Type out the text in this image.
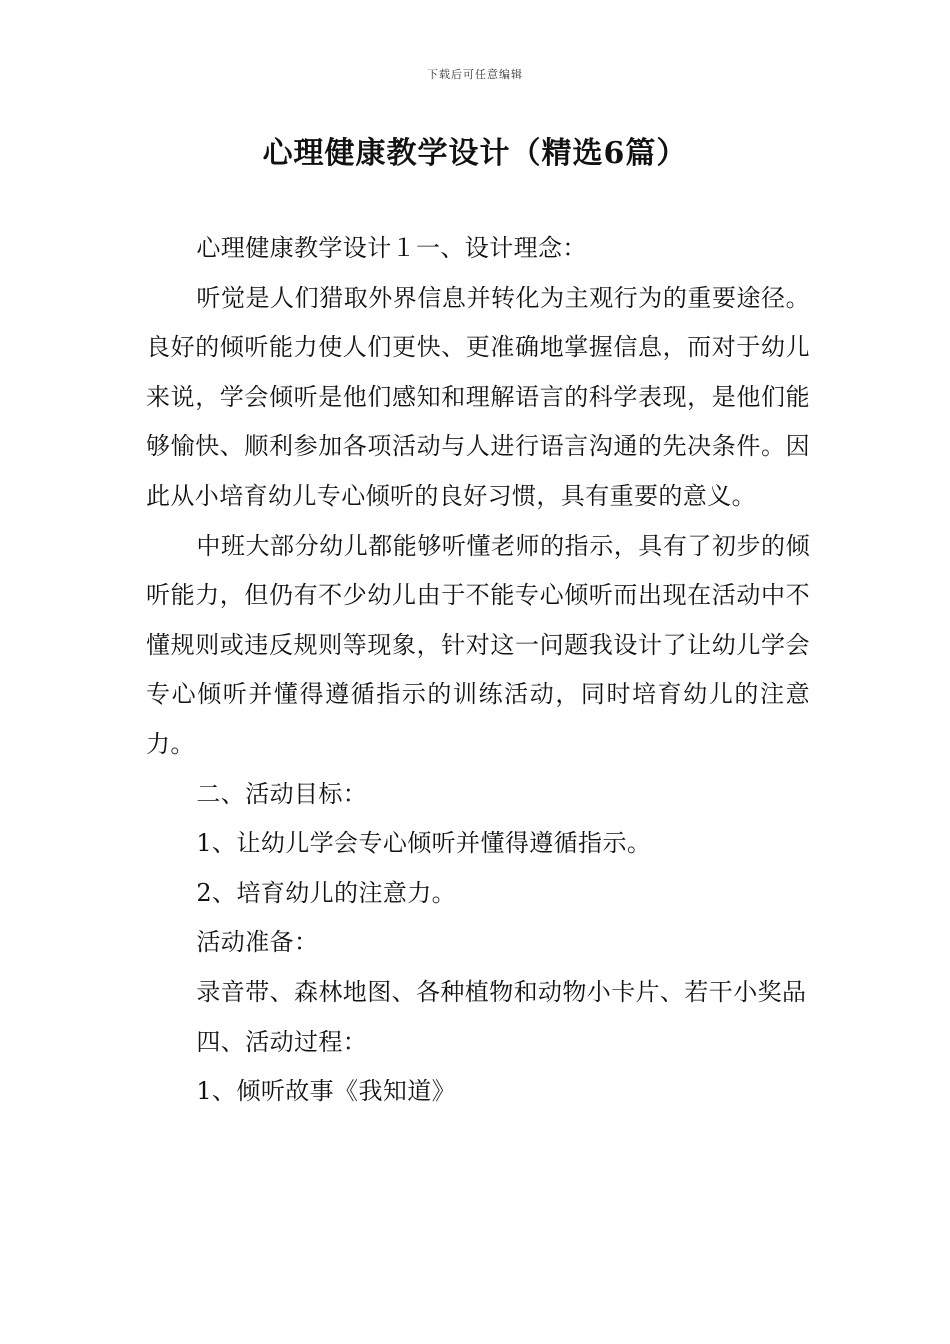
下载后可任意编辑
心理健康教学设计（精选6篇）

心理健康教学设计１一、设计理念：

听觉是人们猎取外界信息并转化为主观行为的重要途径。良好的倾听能力使人们更快、更准确地掌握信息，而对于幼儿来说，学会倾听是他们感知和理解语言的科学表现，是他们能够愉快、顺利参加各项活动与人进行语言沟通的先决条件。因此从小培育幼儿专心倾听的良好习惯，具有重要的意义。

中班大部分幼儿都能够听懂老师的指示，具有了初步的倾听能力，但仍有不少幼儿由于不能专心倾听而出现在活动中不懂规则或违反规则等现象，针对这一问题我设计了让幼儿学会专心倾听并懂得遵循指示的训练活动，同时培育幼儿的注意力。

二、活动目标：

1、让幼儿学会专心倾听并懂得遵循指示。

2、培育幼儿的注意力。

活动准备：

录音带、森林地图、各种植物和动物小卡片、若干小奖品

四、活动过程：

1、倾听故事《我知道》
